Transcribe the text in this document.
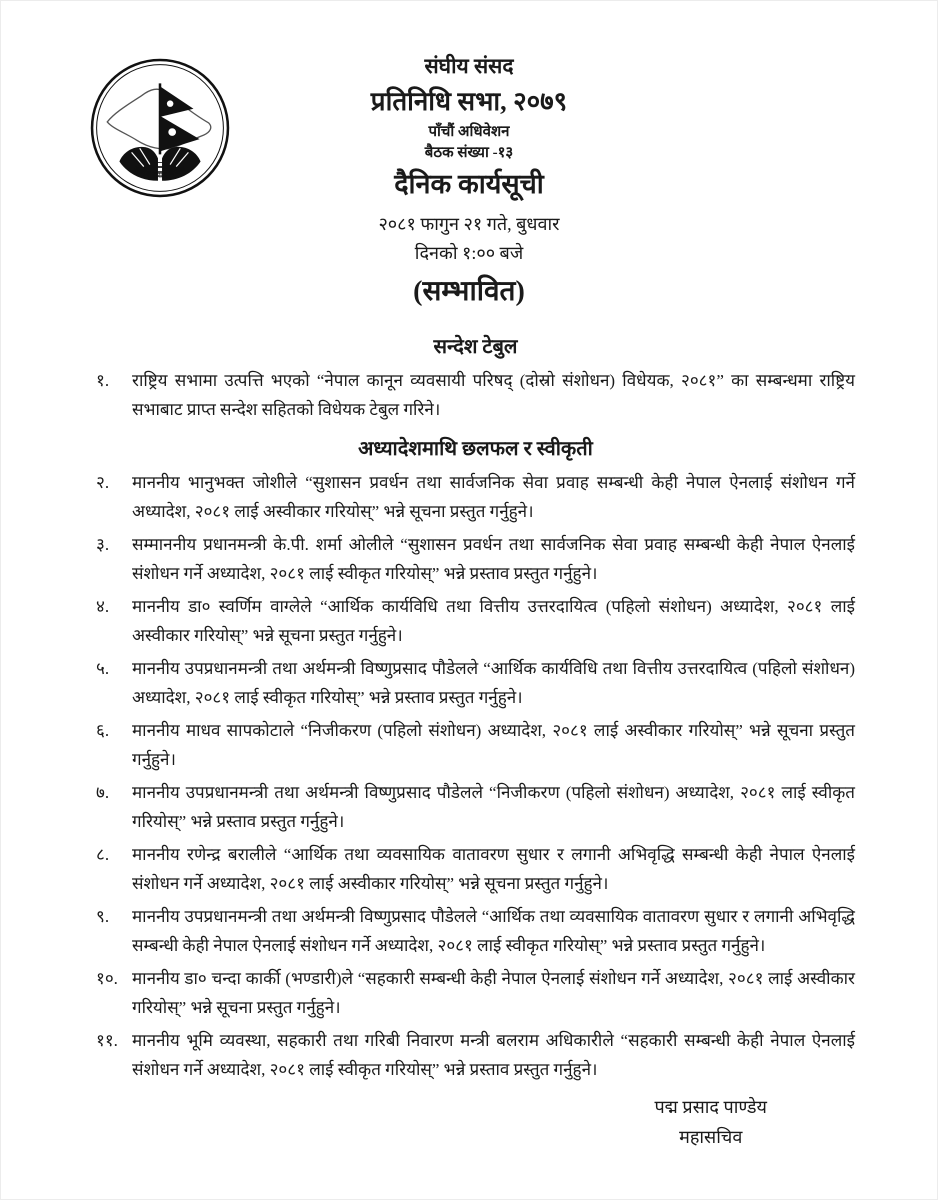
संघीय संसद नेपाल
संघीय संसद
प्रतिनिधि सभा, २०७९
पाँचौं अधिवेशन
बैठक संख्या -१३
दैनिक कार्यसूची
२०८१ फागुन २१ गते, बुधवार
दिनको १:०० बजे
(सम्भावित)
सन्देश टेबुल
१.	राष्ट्रिय सभामा उत्पत्ति भएको “नेपाल कानून व्यवसायी परिषद् (दोस्रो संशोधन) विधेयक, २०८१” का सम्बन्धमा राष्ट्रिय सभाबाट प्राप्त सन्देश सहितको विधेयक टेबुल गरिने।
अध्यादेशमाथि छलफल र स्वीकृती
२.	माननीय भानुभक्त जोशीले “सुशासन प्रवर्धन तथा सार्वजनिक सेवा प्रवाह सम्बन्धी केही नेपाल ऐनलाई संशोधन गर्ने अध्यादेश, २०८१ लाई अस्वीकार गरियोस्” भन्ने सूचना प्रस्तुत गर्नुहुने।
३.	सम्माननीय प्रधानमन्त्री के.पी. शर्मा ओलीले “सुशासन प्रवर्धन तथा सार्वजनिक सेवा प्रवाह सम्बन्धी केही नेपाल ऐनलाई संशोधन गर्ने अध्यादेश, २०८१ लाई स्वीकृत गरियोस्” भन्ने प्रस्ताव प्रस्तुत गर्नुहुने।
४.	माननीय डा० स्वर्णिम वाग्लेले “आर्थिक कार्यविधि तथा वित्तीय उत्तरदायित्व (पहिलो संशोधन) अध्यादेश, २०८१ लाई अस्वीकार गरियोस्” भन्ने सूचना प्रस्तुत गर्नुहुने।
५.	माननीय उपप्रधानमन्त्री तथा अर्थमन्त्री विष्णुप्रसाद पौडेलले “आर्थिक कार्यविधि तथा वित्तीय उत्तरदायित्व (पहिलो संशोधन) अध्यादेश, २०८१ लाई स्वीकृत गरियोस्” भन्ने प्रस्ताव प्रस्तुत गर्नुहुने।
६.	माननीय माधव सापकोटाले “निजीकरण (पहिलो संशोधन) अध्यादेश, २०८१ लाई अस्वीकार गरियोस्” भन्ने सूचना प्रस्तुत गर्नुहुने।
७.	माननीय उपप्रधानमन्त्री तथा अर्थमन्त्री विष्णुप्रसाद पौडेलले “निजीकरण (पहिलो संशोधन) अध्यादेश, २०८१ लाई स्वीकृत गरियोस्” भन्ने प्रस्ताव प्रस्तुत गर्नुहुने।
८.	माननीय रणेन्द्र बरालीले “आर्थिक तथा व्यवसायिक वातावरण सुधार र लगानी अभिवृद्धि सम्बन्धी केही नेपाल ऐनलाई संशोधन गर्ने अध्यादेश, २०८१ लाई अस्वीकार गरियोस्” भन्ने सूचना प्रस्तुत गर्नुहुने।
९.	माननीय उपप्रधानमन्त्री तथा अर्थमन्त्री विष्णुप्रसाद पौडेलले “आर्थिक तथा व्यवसायिक वातावरण सुधार र लगानी अभिवृद्धि सम्बन्धी केही नेपाल ऐनलाई संशोधन गर्ने अध्यादेश, २०८१ लाई स्वीकृत गरियोस्” भन्ने प्रस्ताव प्रस्तुत गर्नुहुने।
१०. माननीय डा० चन्दा कार्की (भण्डारी)ले “सहकारी सम्बन्धी केही नेपाल ऐनलाई संशोधन गर्ने अध्यादेश, २०८१ लाई अस्वीकार गरियोस्” भन्ने सूचना प्रस्तुत गर्नुहुने।
११. माननीय भूमि व्यवस्था, सहकारी तथा गरिबी निवारण मन्त्री बलराम अधिकारीले “सहकारी सम्बन्धी केही नेपाल ऐनलाई संशोधन गर्ने अध्यादेश, २०८१ लाई स्वीकृत गरियोस्” भन्ने प्रस्ताव प्रस्तुत गर्नुहुने।
पद्म प्रसाद पाण्डेय
महासचिव
